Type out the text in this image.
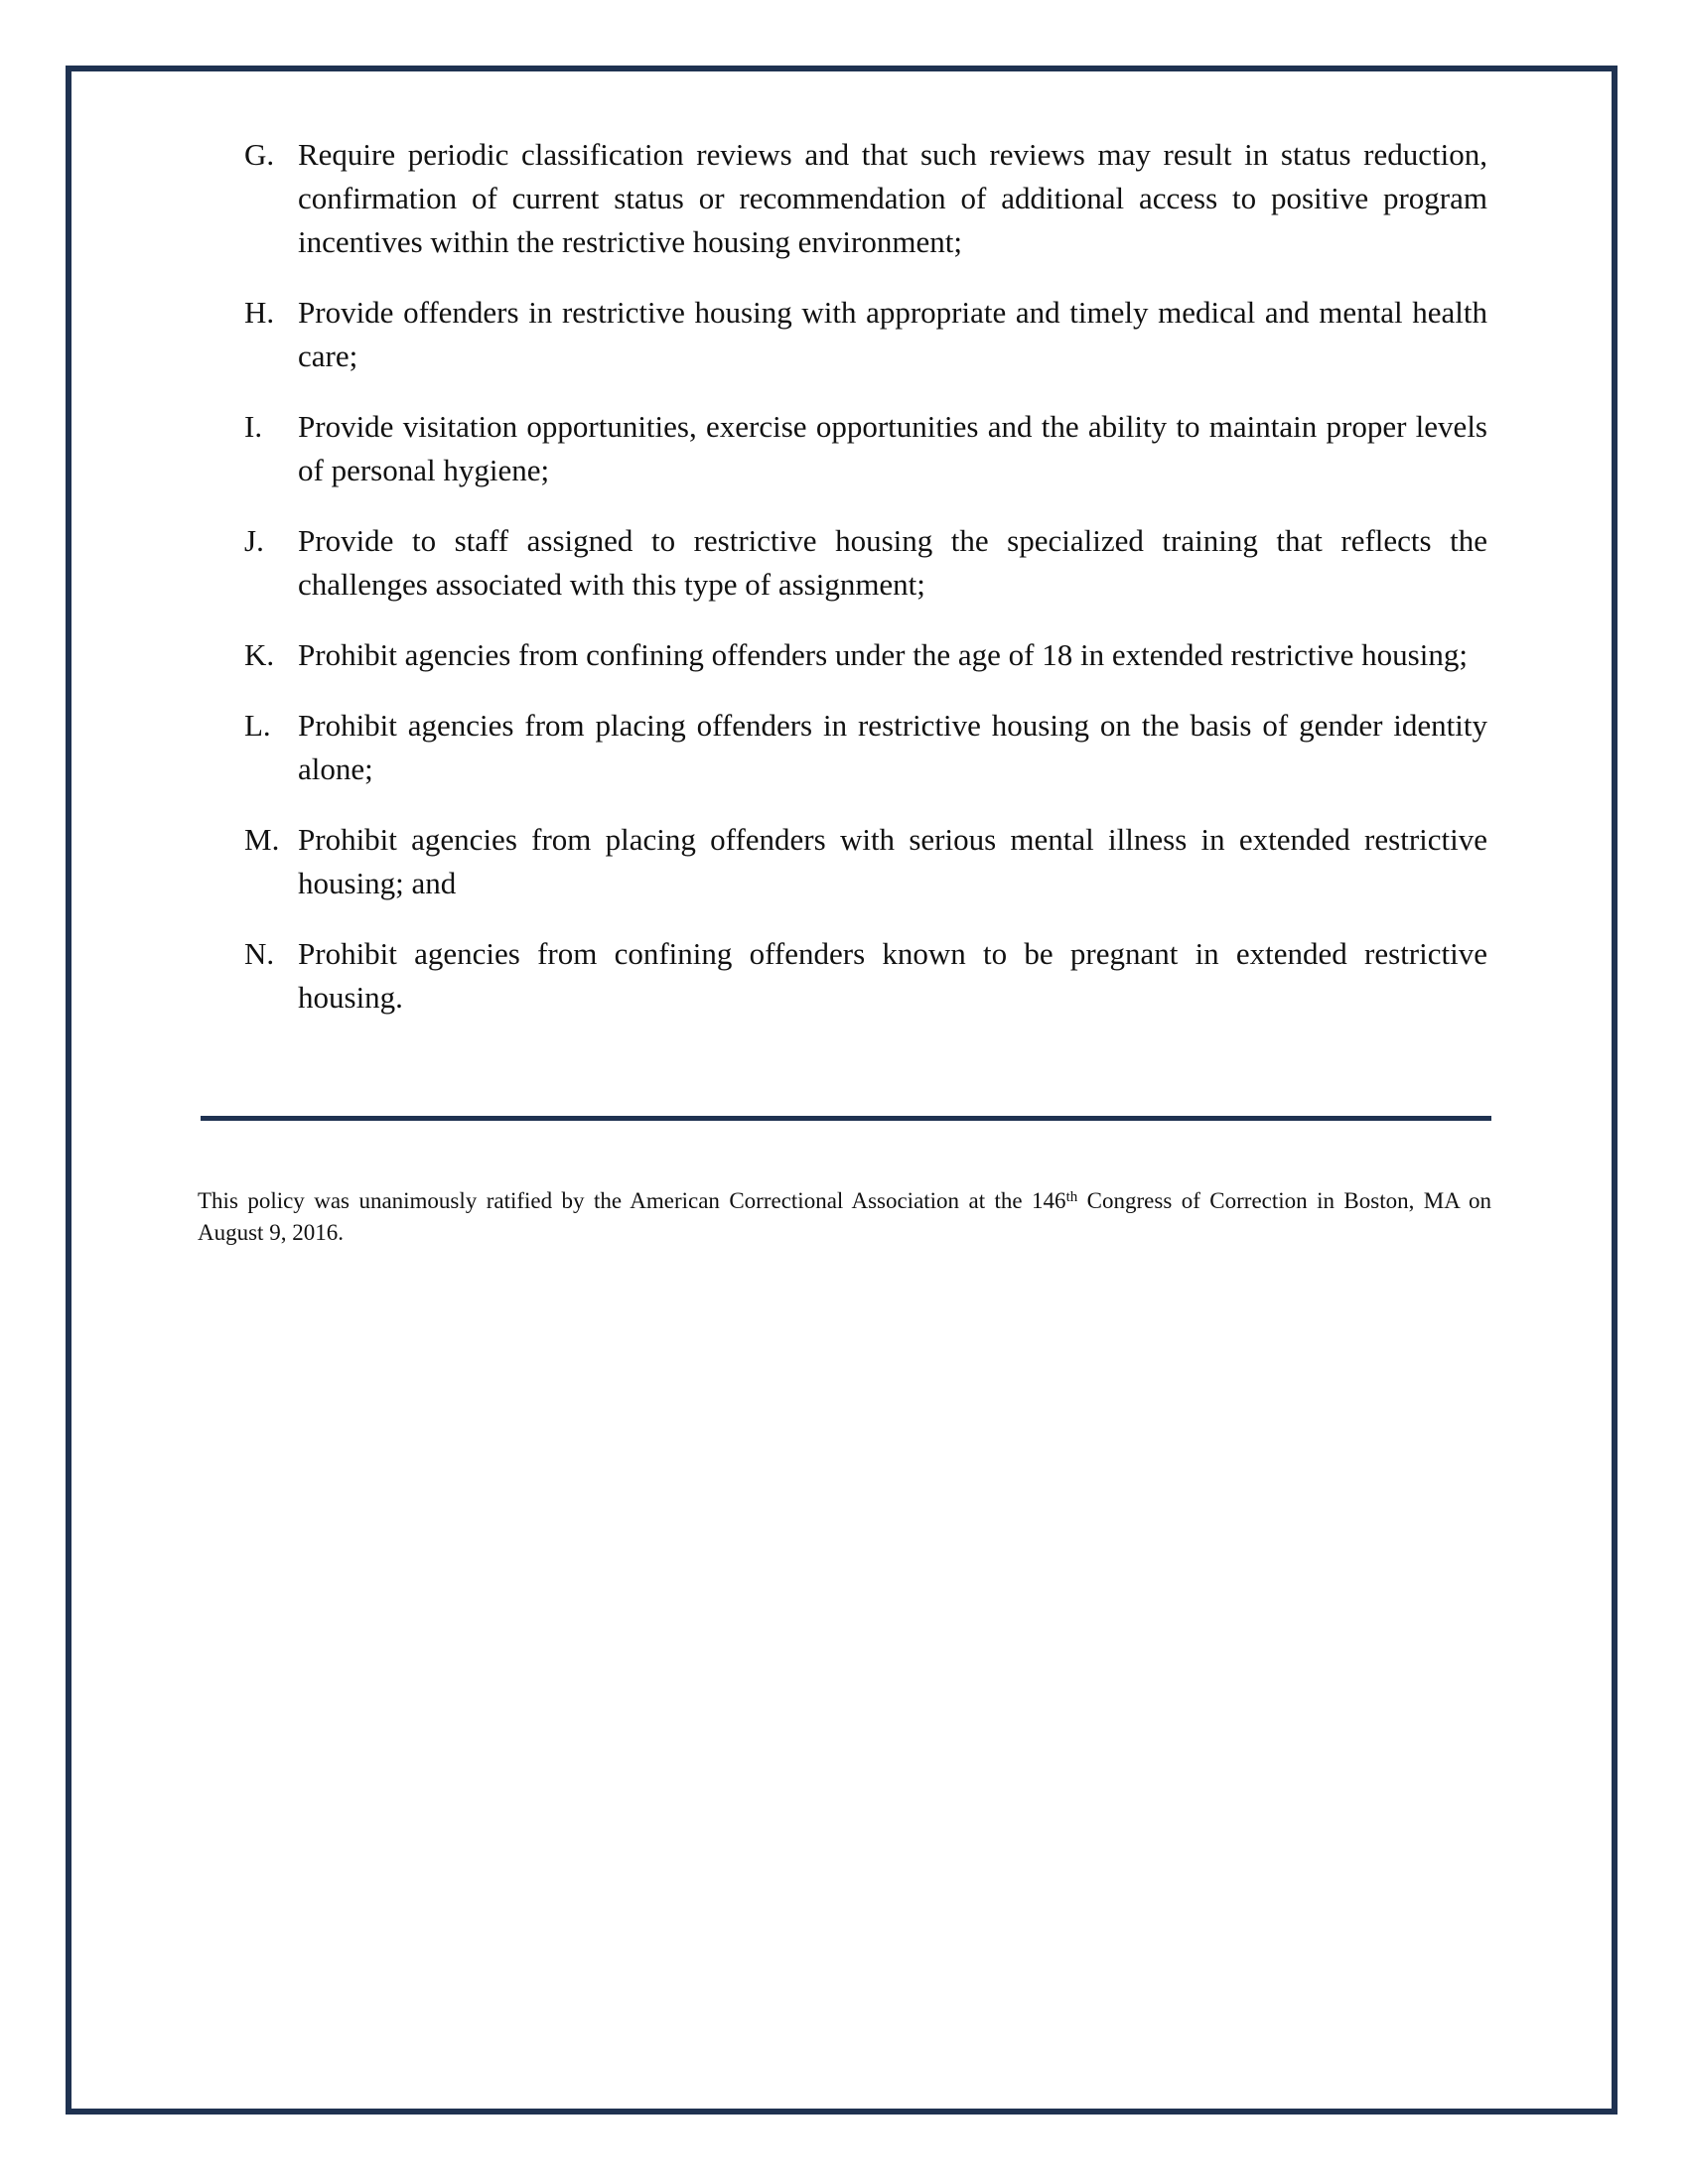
G. Require periodic classification reviews and that such reviews may result in status reduction, confirmation of current status or recommendation of additional access to positive program incentives within the restrictive housing environment;
H. Provide offenders in restrictive housing with appropriate and timely medical and mental health care;
I. Provide visitation opportunities, exercise opportunities and the ability to maintain proper levels of personal hygiene;
J. Provide to staff assigned to restrictive housing the specialized training that reflects the challenges associated with this type of assignment;
K. Prohibit agencies from confining offenders under the age of 18 in extended restrictive housing;
L. Prohibit agencies from placing offenders in restrictive housing on the basis of gender identity alone;
M. Prohibit agencies from placing offenders with serious mental illness in extended restrictive housing; and
N. Prohibit agencies from confining offenders known to be pregnant in extended restrictive housing.

This policy was unanimously ratified by the American Correctional Association at the 146th Congress of Correction in Boston, MA on August 9, 2016.
